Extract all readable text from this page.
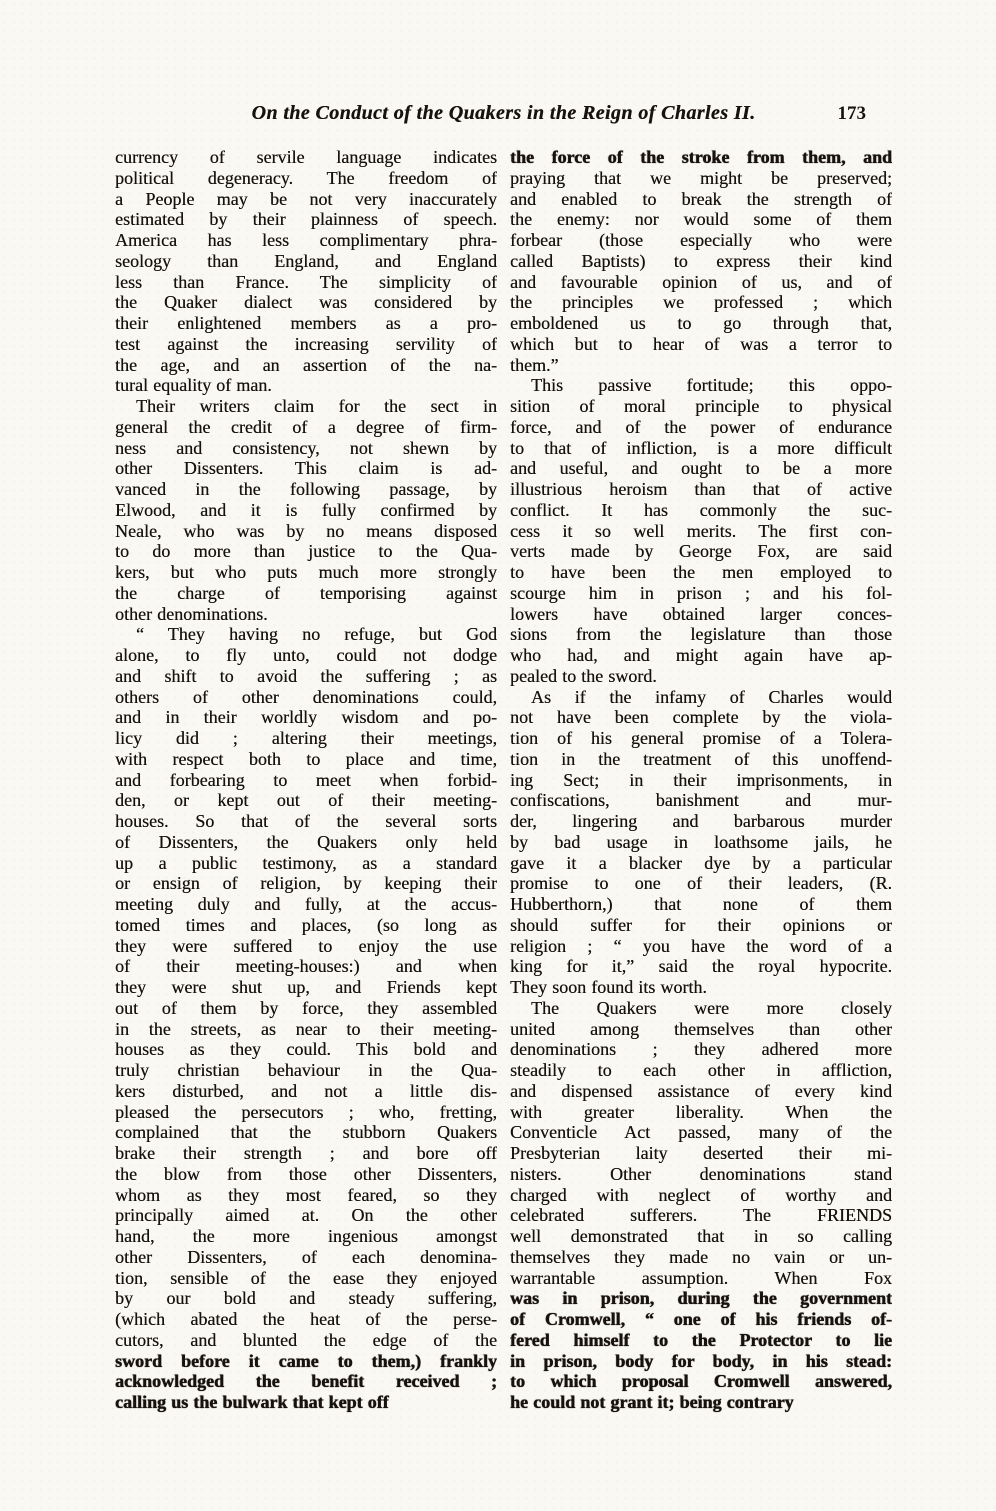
On the Conduct of the Quakers in the Reign of Charles II.	173
currency of servile language indicates
political degeneracy. The freedom of
a People may be not very inaccurately
estimated by their plainness of speech.
America has less complimentary phra-
seology than England, and England
less than France. The simplicity of
the Quaker dialect was considered by
their enlightened members as a pro-
test against the increasing servility of
the age, and an assertion of the na-
tural equality of man.
Their writers claim for the sect in
general the credit of a degree of firm-
ness and consistency, not shewn by
other Dissenters. This claim is ad-
vanced in the following passage, by
Elwood, and it is fully confirmed by
Neale, who was by no means disposed
to do more than justice to the Qua-
kers, but who puts much more strongly
the charge of temporising against
other denominations.
“ They having no refuge, but God
alone, to fly unto, could not dodge
and shift to avoid the suffering ; as
others of other denominations could,
and in their worldly wisdom and po-
licy did ; altering their meetings,
with respect both to place and time,
and forbearing to meet when forbid-
den, or kept out of their meeting-
houses. So that of the several sorts
of Dissenters, the Quakers only held
up a public testimony, as a standard
or ensign of religion, by keeping their
meeting duly and fully, at the accus-
tomed times and places, (so long as
they were suffered to enjoy the use
of their meeting-houses:) and when
they were shut up, and Friends kept
out of them by force, they assembled
in the streets, as near to their meeting-
houses as they could. This bold and
truly christian behaviour in the Qua-
kers disturbed, and not a little dis-
pleased the persecutors ; who, fretting,
complained that the stubborn Quakers
brake their strength ; and bore off
the blow from those other Dissenters,
whom as they most feared, so they
principally aimed at. On the other
hand, the more ingenious amongst
other Dissenters, of each denomina-
tion, sensible of the ease they enjoyed
by our bold and steady suffering,
(which abated the heat of the perse-
cutors, and blunted the edge of the
sword before it came to them,) frankly
acknowledged the benefit received ;
calling us the bulwark that kept off
the force of the stroke from them, and
praying that we might be preserved;
and enabled to break the strength of
the enemy: nor would some of them
forbear (those especially who were
called Baptists) to express their kind
and favourable opinion of us, and of
the principles we professed ; which
emboldened us to go through that,
which but to hear of was a terror to
them.”
This passive fortitude; this oppo-
sition of moral principle to physical
force, and of the power of endurance
to that of infliction, is a more difficult
and useful, and ought to be a more
illustrious heroism than that of active
conflict. It has commonly the suc-
cess it so well merits. The first con-
verts made by George Fox, are said
to have been the men employed to
scourge him in prison ; and his fol-
lowers have obtained larger conces-
sions from the legislature than those
who had, and might again have ap-
pealed to the sword.
As if the infamy of Charles would
not have been complete by the viola-
tion of his general promise of a Tolera-
tion in the treatment of this unoffend-
ing Sect; in their imprisonments, in
confiscations, banishment and mur-
der, lingering and barbarous murder
by bad usage in loathsome jails, he
gave it a blacker dye by a particular
promise to one of their leaders, (R.
Hubberthorn,) that none of them
should suffer for their opinions or
religion ; “ you have the word of a
king for it,” said the royal hypocrite.
They soon found its worth.
The Quakers were more closely
united among themselves than other
denominations ; they adhered more
steadily to each other in affliction,
and dispensed assistance of every kind
with greater liberality. When the
Conventicle Act passed, many of the
Presbyterian laity deserted their mi-
nisters. Other denominations stand
charged with neglect of worthy and
celebrated sufferers. The FRIENDS
well demonstrated that in so calling
themselves they made no vain or un-
warrantable assumption. When Fox
was in prison, during the government
of Cromwell, “ one of his friends of-
fered himself to the Protector to lie
in prison, body for body, in his stead:
to which proposal Cromwell answered,
he could not grant it; being contrary
